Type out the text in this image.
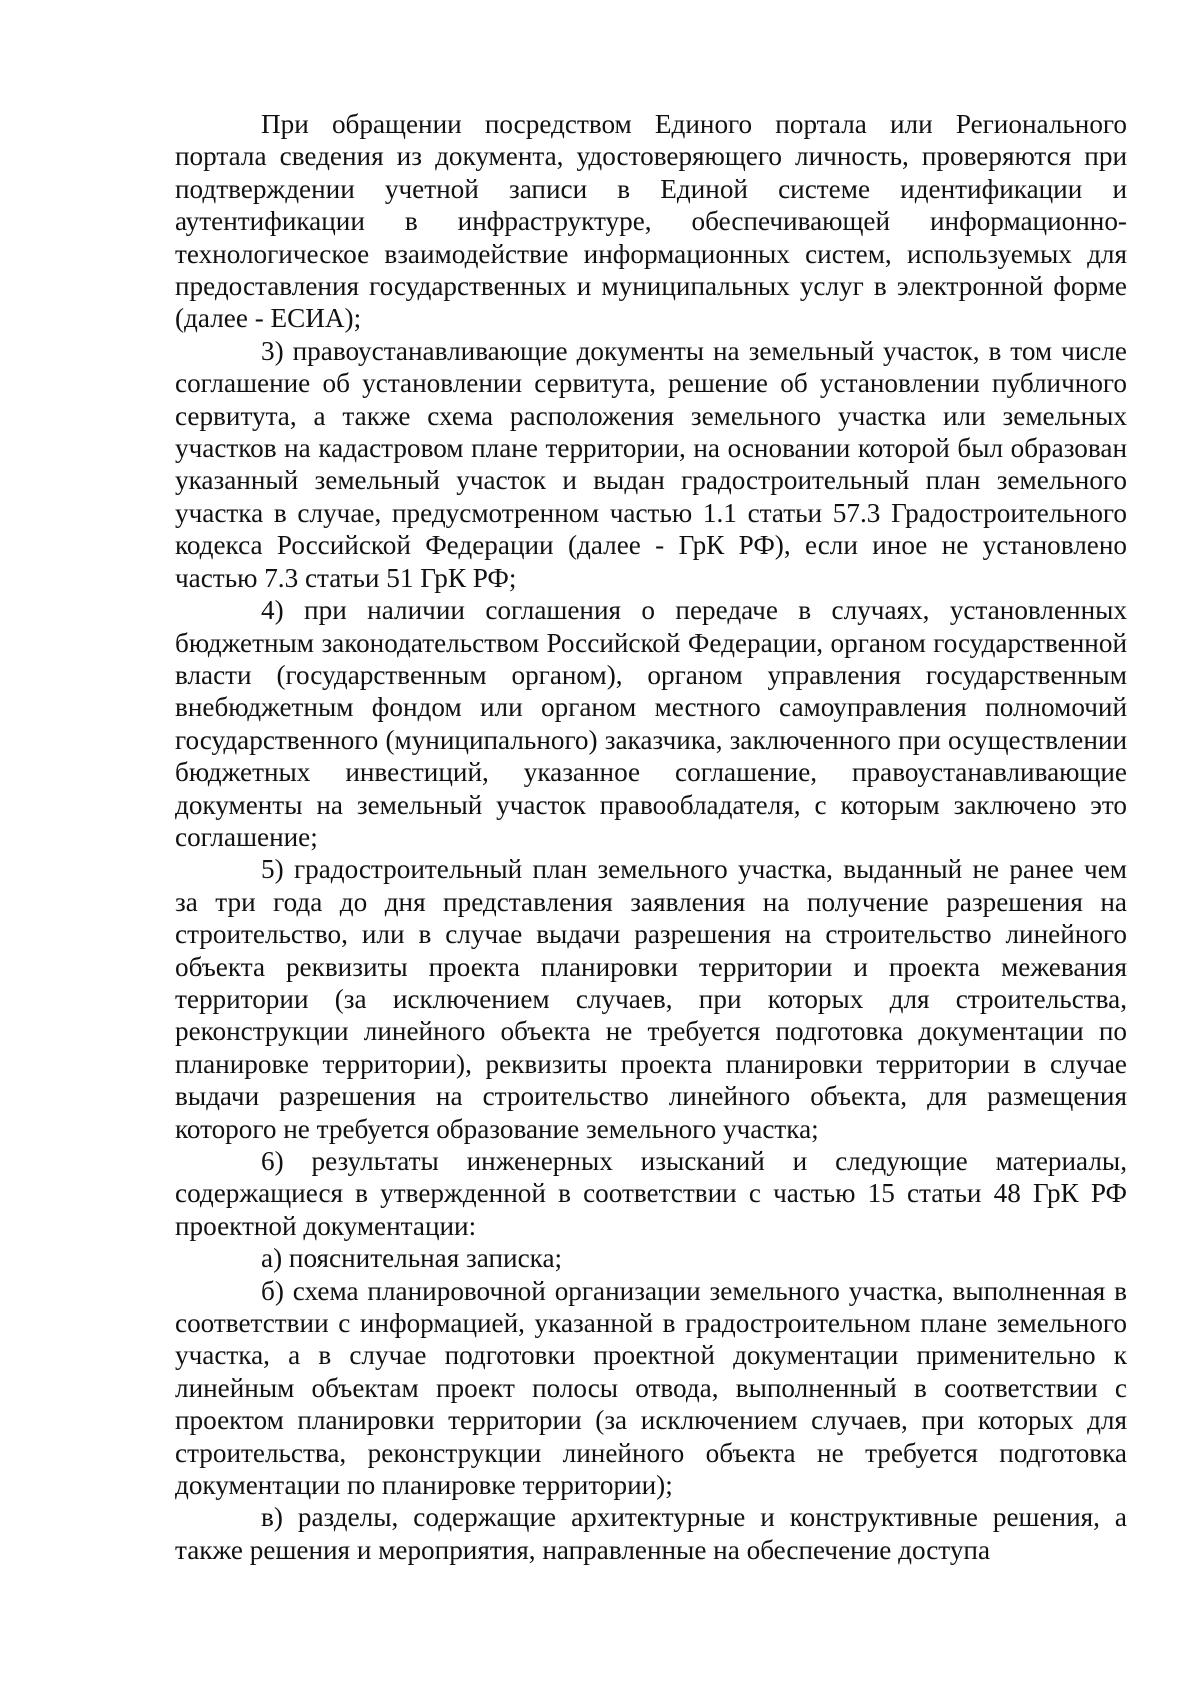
При обращении посредством Единого портала или Регионального портала сведения из документа, удостоверяющего личность, проверяются при подтверждении учетной записи в Единой системе идентификации и аутентификации в инфраструктуре, обеспечивающей информационно-технологическое взаимодействие информационных систем, используемых для предоставления государственных и муниципальных услуг в электронной форме (далее - ЕСИА);

3) правоустанавливающие документы на земельный участок, в том числе соглашение об установлении сервитута, решение об установлении публичного сервитута, а также схема расположения земельного участка или земельных участков на кадастровом плане территории, на основании которой был образован указанный земельный участок и выдан градостроительный план земельного участка в случае, предусмотренном частью 1.1 статьи 57.3 Градостроительного кодекса Российской Федерации (далее - ГрК РФ), если иное не установлено частью 7.3 статьи 51 ГрК РФ;

4) при наличии соглашения о передаче в случаях, установленных бюджетным законодательством Российской Федерации, органом государственной власти (государственным органом), органом управления государственным внебюджетным фондом или органом местного самоуправления полномочий государственного (муниципального) заказчика, заключенного при осуществлении бюджетных инвестиций, указанное соглашение, правоустанавливающие документы на земельный участок правообладателя, с которым заключено это соглашение;

5) градостроительный план земельного участка, выданный не ранее чем за три года до дня представления заявления на получение разрешения на строительство, или в случае выдачи разрешения на строительство линейного объекта реквизиты проекта планировки территории и проекта межевания территории (за исключением случаев, при которых для строительства, реконструкции линейного объекта не требуется подготовка документации по планировке территории), реквизиты проекта планировки территории в случае выдачи разрешения на строительство линейного объекта, для размещения которого не требуется образование земельного участка;

6) результаты инженерных изысканий и следующие материалы, содержащиеся в утвержденной в соответствии с частью 15 статьи 48 ГрК РФ проектной документации:

а) пояснительная записка;

б) схема планировочной организации земельного участка, выполненная в соответствии с информацией, указанной в градостроительном плане земельного участка, а в случае подготовки проектной документации применительно к линейным объектам проект полосы отвода, выполненный в соответствии с проектом планировки территории (за исключением случаев, при которых для строительства, реконструкции линейного объекта не требуется подготовка документации по планировке территории);

в) разделы, содержащие архитектурные и конструктивные решения, а также решения и мероприятия, направленные на обеспечение доступа
